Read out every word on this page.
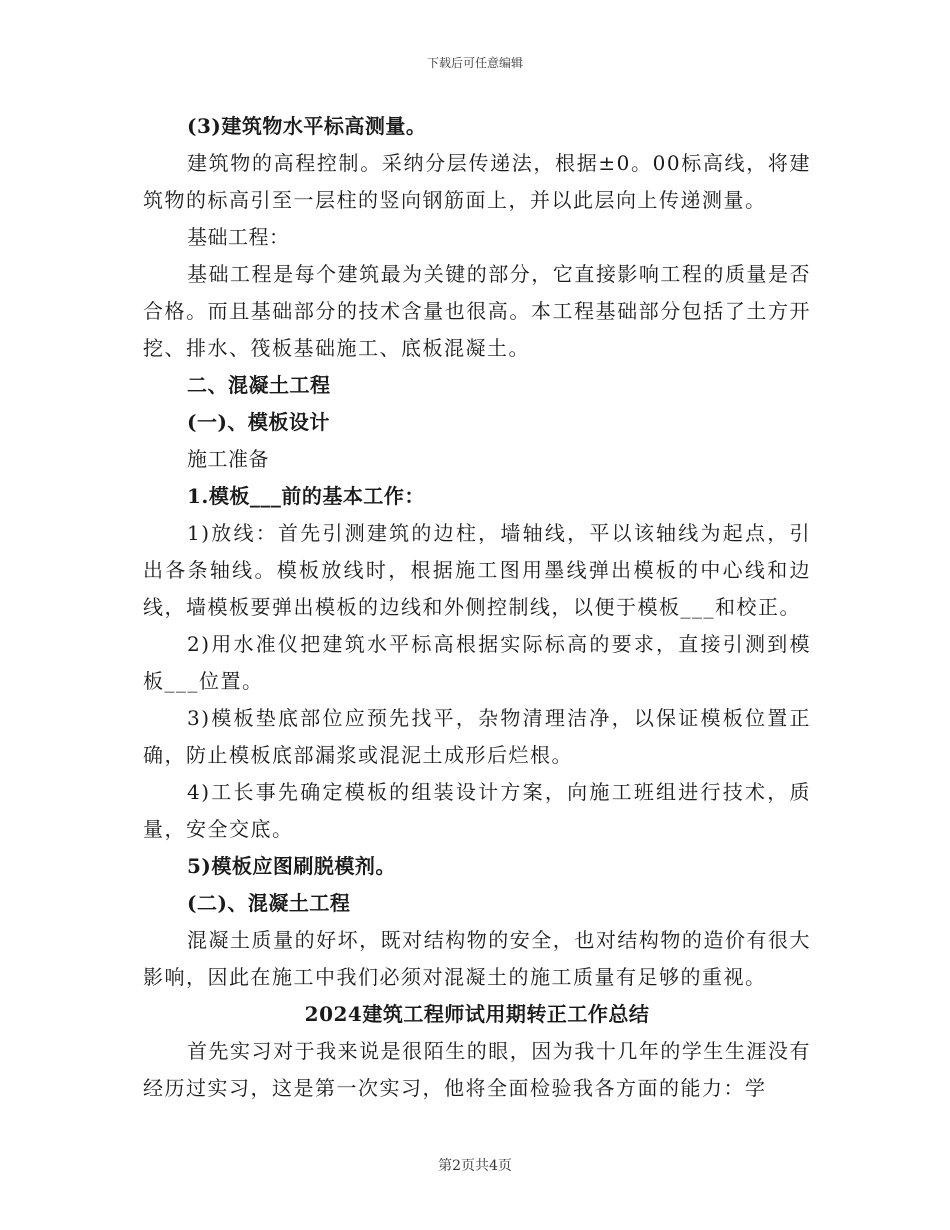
下载后可任意编辑
(3)建筑物水平标高测量。

建筑物的高程控制。采纳分层传递法，根据±0。00标高线，将建筑物的标高引至一层柱的竖向钢筋面上，并以此层向上传递测量。

基础工程：

基础工程是每个建筑最为关键的部分，它直接影响工程的质量是否合格。而且基础部分的技术含量也很高。本工程基础部分包括了土方开挖、排水、筏板基础施工、底板混凝土。

二、混凝土工程
(一)、模板设计
施工准备
1.模板___前的基本工作：

1)放线：首先引测建筑的边柱，墙轴线，平以该轴线为起点，引出各条轴线。模板放线时，根据施工图用墨线弹出模板的中心线和边线，墙模板要弹出模板的边线和外侧控制线，以便于模板___和校正。

2)用水准仪把建筑水平标高根据实际标高的要求，直接引测到模板___位置。

3)模板垫底部位应预先找平，杂物清理洁净，以保证模板位置正确，防止模板底部漏浆或混泥土成形后烂根。

4)工长事先确定模板的组装设计方案，向施工班组进行技术，质量，安全交底。

5)模板应图刷脱模剂。
(二)、混凝土工程

混凝土质量的好坏，既对结构物的安全，也对结构物的造价有很大影响，因此在施工中我们必须对混凝土的施工质量有足够的重视。

2024建筑工程师试用期转正工作总结

首先实习对于我来说是很陌生的眼，因为我十几年的学生生涯没有经历过实习，这是第一次实习，他将全面检验我各方面的能力：学

第2页共4页
